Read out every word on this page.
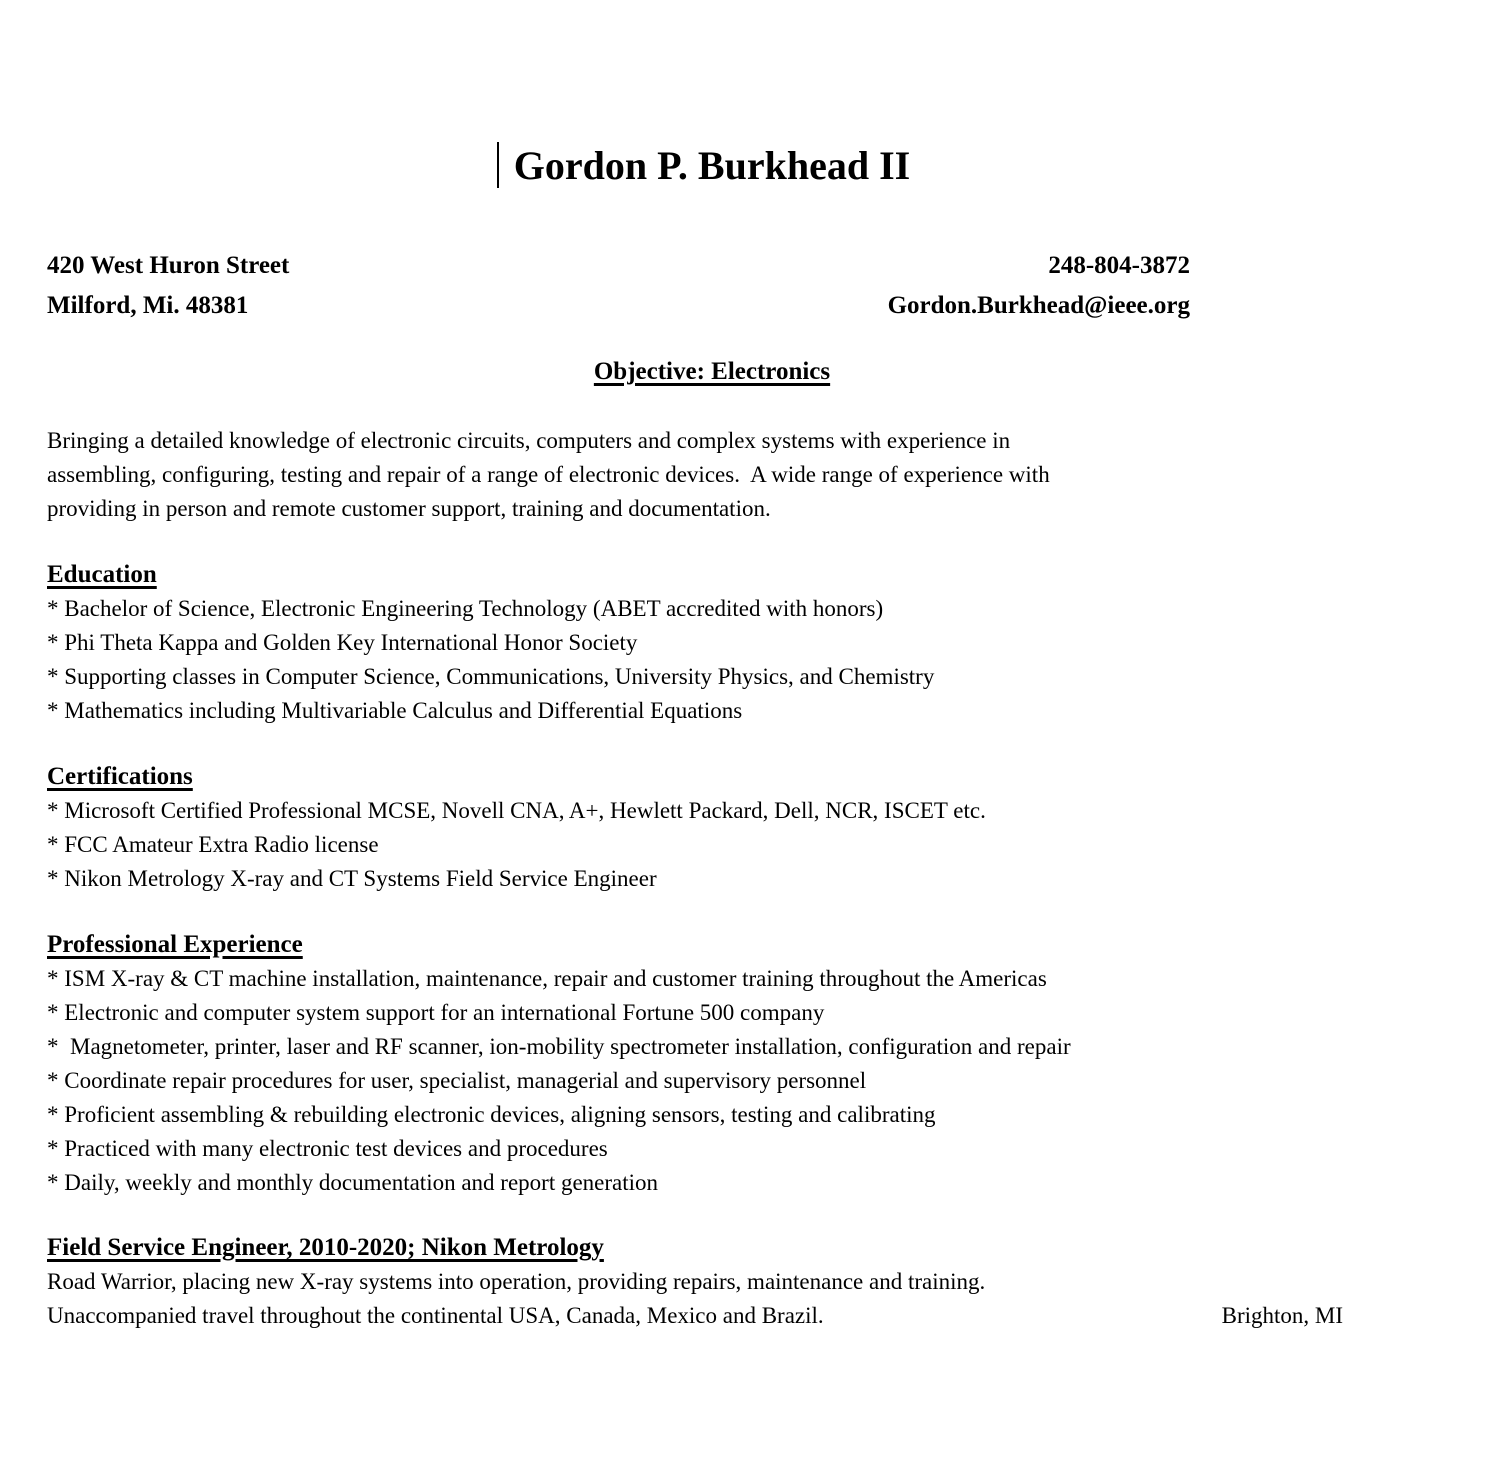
Gordon P. Burkhead II
420 West Huron Street	248-804-3872
Milford, Mi. 48381	Gordon.Burkhead@ieee.org
Objective: Electronics
Bringing a detailed knowledge of electronic circuits, computers and complex systems with experience in
assembling, configuring, testing and repair of a range of electronic devices.  A wide range of experience with
providing in person and remote customer support, training and documentation.
Education
* Bachelor of Science, Electronic Engineering Technology (ABET accredited with honors)
* Phi Theta Kappa and Golden Key International Honor Society
* Supporting classes in Computer Science, Communications, University Physics, and Chemistry
* Mathematics including Multivariable Calculus and Differential Equations
Certifications
* Microsoft Certified Professional MCSE, Novell CNA, A+, Hewlett Packard, Dell, NCR, ISCET etc.
* FCC Amateur Extra Radio license
* Nikon Metrology X-ray and CT Systems Field Service Engineer
Professional Experience
* ISM X-ray & CT machine installation, maintenance, repair and customer training throughout the Americas
* Electronic and computer system support for an international Fortune 500 company
*  Magnetometer, printer, laser and RF scanner, ion-mobility spectrometer installation, configuration and repair
* Coordinate repair procedures for user, specialist, managerial and supervisory personnel
* Proficient assembling & rebuilding electronic devices, aligning sensors, testing and calibrating
* Practiced with many electronic test devices and procedures
* Daily, weekly and monthly documentation and report generation
Field Service Engineer, 2010-2020; Nikon Metrology
Road Warrior, placing new X-ray systems into operation, providing repairs, maintenance and training.
Unaccompanied travel throughout the continental USA, Canada, Mexico and Brazil.	Brighton, MI
